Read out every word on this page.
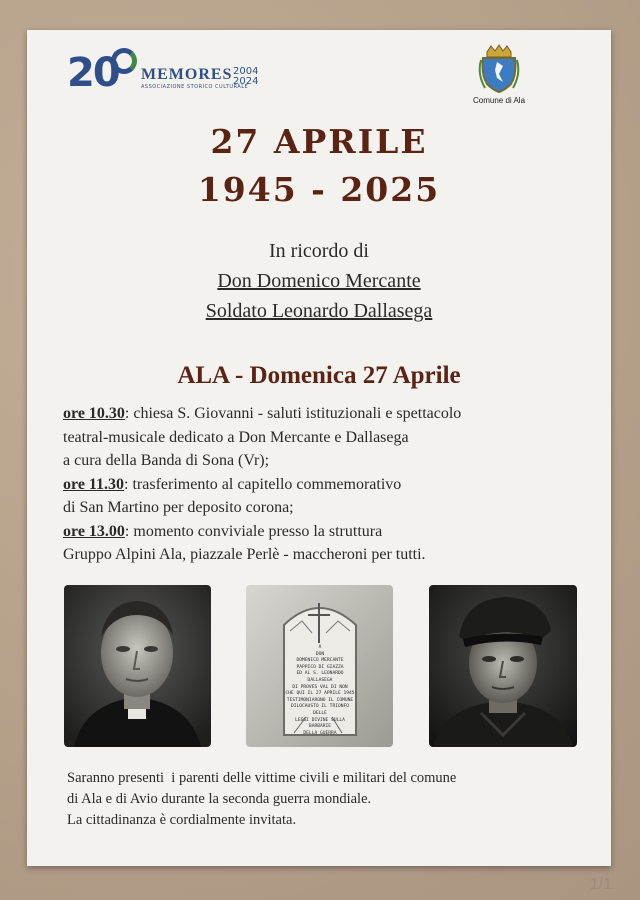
20 MEMORES
ASSOCIAZIONE STORICO CULTURALE
2004
2024
Comune di Ala
27 APRILE
1945 - 2025
In ricordo di
Don Domenico Mercante
Soldato Leonardo Dallasega
ALA - Domenica 27 Aprile
ore 10.30: chiesa S. Giovanni - saluti istituzionali e spettacolo
teatral-musicale dedicato a Don Mercante e Dallasega
a cura della Banda di Sona (Vr);
ore 11.30: trasferimento al capitello commemorativo
di San Martino per deposito corona;
ore 13.00: momento conviviale presso la struttura
Gruppo Alpini Ala, piazzale Perlè - maccheroni per tutti.
A
DON
DOMENICO MERCANTE
PAPPICO DI GIAZZA
ED AL S. LEONARDO DALLASEGA
DI PROVES VAL DI NON
CHE QUI IL 27 APRILE 1945
TESTIMONIARONO IL COMUNE
DILOCAUSTO IL TRIONFO DELLE
LEGGI DIVINE SULLA BARBARIE
DELLA GUERRA
Saranno presenti  i parenti delle vittime civili e militari del comune
di Ala e di Avio durante la seconda guerra mondiale.
La cittadinanza è cordialmente invitata.
1/1
